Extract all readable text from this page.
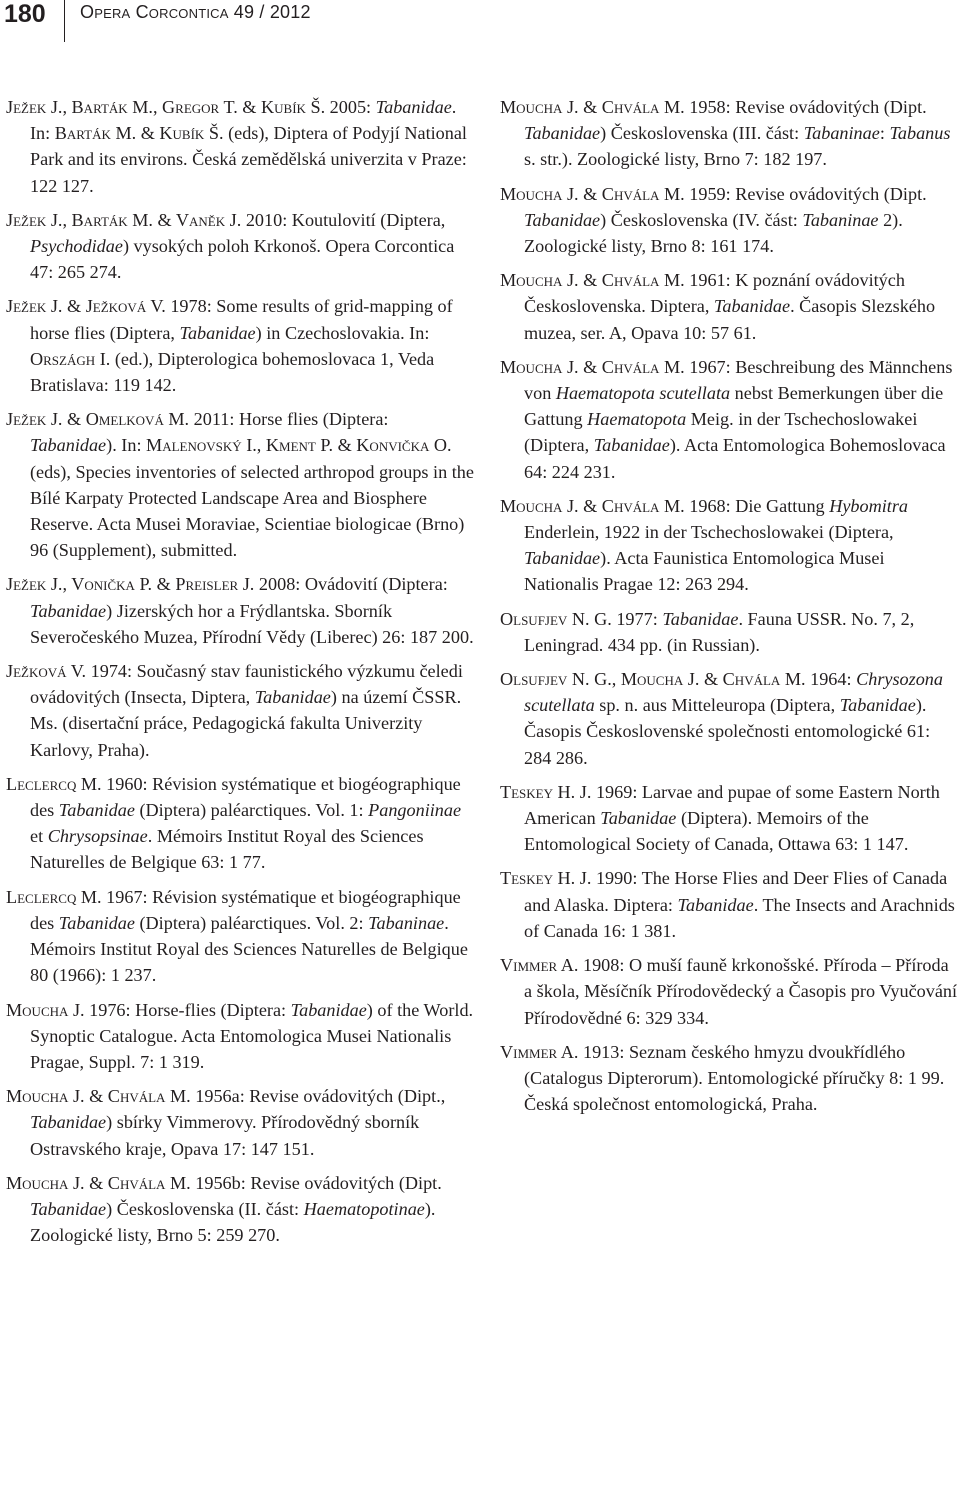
180 Opera Corcontica 49 / 2012
Ježek J., Barták M., Gregor T. & Kubík Š. 2005: Tabanidae. In: Barták M. & Kubík Š. (eds), Diptera of Podyjí National Park and its environs. Česká zemědělská univerzita v Praze: 122 127.
Ježek J., Barták M. & Vaněk J. 2010: Koutulovití (Diptera, Psychodidae) vysokých poloh Krkonoš. Opera Corcontica 47: 265 274.
Ježek J. & Ježková V. 1978: Some results of grid-mapping of horse flies (Diptera, Tabanidae) in Czechoslovakia. In: Országh I. (ed.), Dipterologica bohemoslovaca 1, Veda Bratislava: 119 142.
Ježek J. & Omelková M. 2011: Horse flies (Diptera: Tabanidae). In: Malenovský I., Kment P. & Konvička O. (eds), Species inventories of selected arthropod groups in the Bílé Karpaty Protected Landscape Area and Biosphere Reserve. Acta Musei Moraviae, Scientiae biologicae (Brno) 96 (Supplement), submitted.
Ježek J., Vonička P. & Preisler J. 2008: Ovádovití (Diptera: Tabanidae) Jizerských hor a Frýdlantska. Sborník Severočeského Muzea, Přírodní Vědy (Liberec) 26: 187 200.
Ježková V. 1974: Současný stav faunistického výzkumu čeledi ovádovitých (Insecta, Diptera, Tabanidae) na území ČSSR. Ms. (disertační práce, Pedagogická fakulta Univerzity Karlovy, Praha).
Leclercq M. 1960: Révision systématique et biogéographique des Tabanidae (Diptera) paléarctiques. Vol. 1: Pangoniinae et Chrysopsinae. Mémoirs Institut Royal des Sciences Naturelles de Belgique 63: 1 77.
Leclercq M. 1967: Révision systématique et biogéographique des Tabanidae (Diptera) paléarctiques. Vol. 2: Tabaninae. Mémoirs Institut Royal des Sciences Naturelles de Belgique 80 (1966): 1 237.
Moucha J. 1976: Horse-flies (Diptera: Tabanidae) of the World. Synoptic Catalogue. Acta Entomologica Musei Nationalis Pragae, Suppl. 7: 1 319.
Moucha J. & Chvála M. 1956a: Revise ovádovitých (Dipt., Tabanidae) sbírky Vimmerovy. Přírodovědný sborník Ostravského kraje, Opava 17: 147 151.
Moucha J. & Chvála M. 1956b: Revise ovádovitých (Dipt. Tabanidae) Československa (II. část: Haematopotinae). Zoologické listy, Brno 5: 259 270.
Moucha J. & Chvála M. 1958: Revise ovádovitých (Dipt. Tabanidae) Československa (III. část: Tabaninae: Tabanus s. str.). Zoologické listy, Brno 7: 182 197.
Moucha J. & Chvála M. 1959: Revise ovádovitých (Dipt. Tabanidae) Československa (IV. část: Tabaninae 2). Zoologické listy, Brno 8: 161 174.
Moucha J. & Chvála M. 1961: K poznání ovádovitých Československa. Diptera, Tabanidae. Časopis Slezského muzea, ser. A, Opava 10: 57 61.
Moucha J. & Chvála M. 1967: Beschreibung des Männchens von Haematopota scutellata nebst Bemerkungen über die Gattung Haematopota Meig. in der Tschechoslowakei (Diptera, Tabanidae). Acta Entomologica Bohemoslovaca 64: 224 231.
Moucha J. & Chvála M. 1968: Die Gattung Hybomitra Enderlein, 1922 in der Tschechoslowakei (Diptera, Tabanidae). Acta Faunistica Entomologica Musei Nationalis Pragae 12: 263 294.
Olsufjev N. G. 1977: Tabanidae. Fauna USSR. No. 7, 2, Leningrad. 434 pp. (in Russian).
Olsufjev N. G., Moucha J. & Chvála M. 1964: Chrysozona scutellata sp. n. aus Mitteleuropa (Diptera, Tabanidae). Časopis Československé společnosti entomologické 61: 284 286.
Teskey H. J. 1969: Larvae and pupae of some Eastern North American Tabanidae (Diptera). Memoirs of the Entomological Society of Canada, Ottawa 63: 1 147.
Teskey H. J. 1990: The Horse Flies and Deer Flies of Canada and Alaska. Diptera: Tabanidae. The Insects and Arachnids of Canada 16: 1 381.
Vimmer A. 1908: O muší fauně krkonošské. Příroda – Příroda a škola, Měsíčník Přírodovědecký a Časopis pro Vyučování Přírodovědné 6: 329 334.
Vimmer A. 1913: Seznam českého hmyzu dvoukřídlého (Catalogus Dipterorum). Entomologické příručky 8: 1 99. Česká společnost entomologická, Praha.
